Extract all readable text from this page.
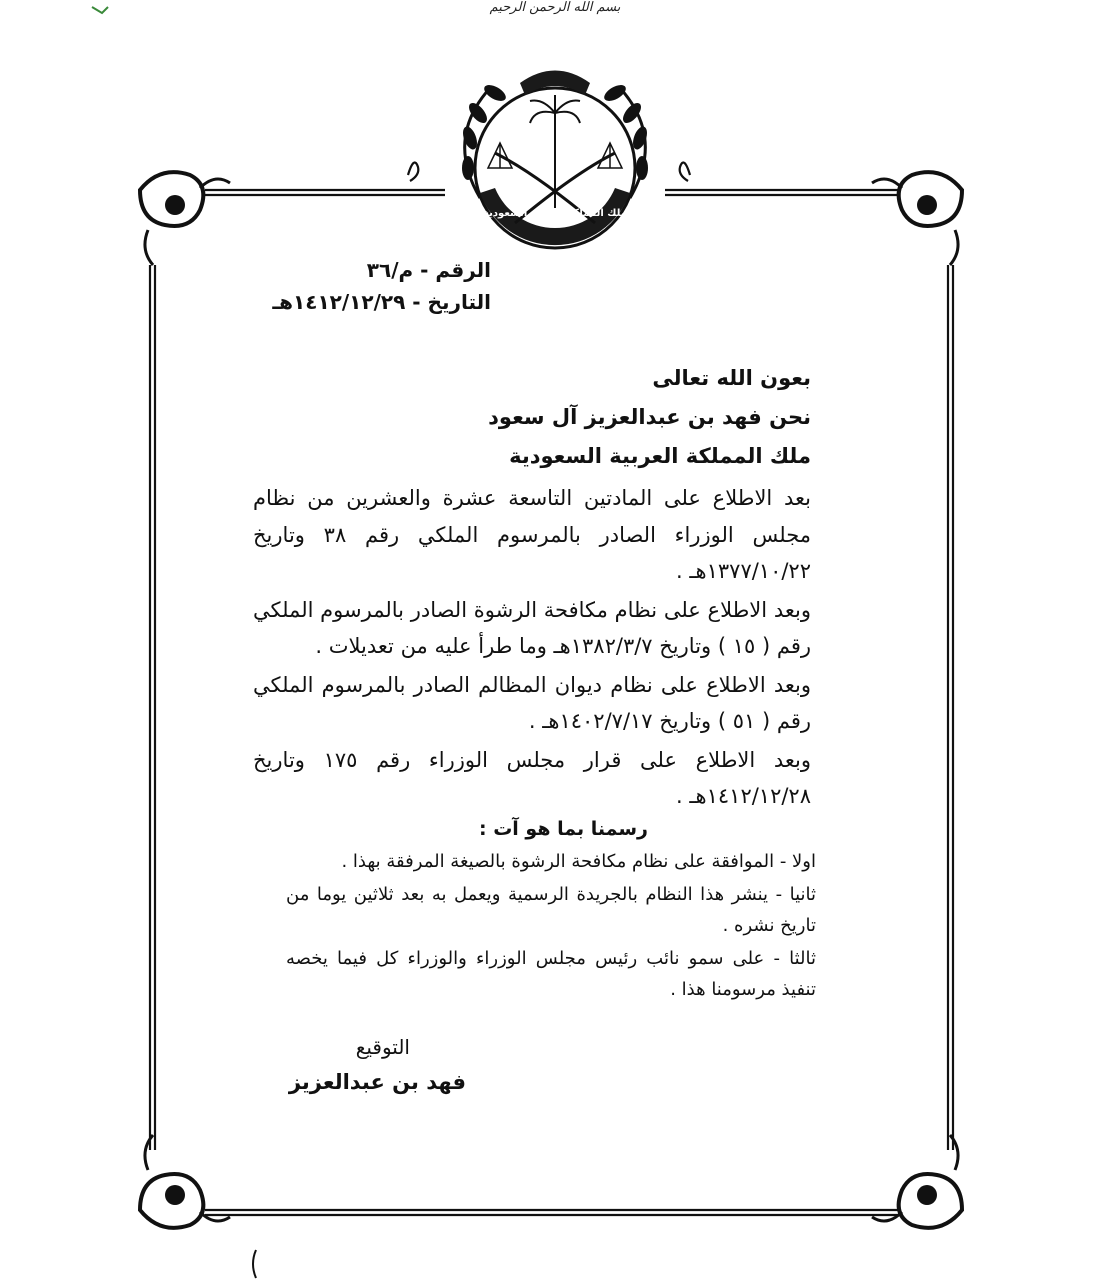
بسم الله الرحمن الرحيم
ملك المملكة العربية السعودية
الرقم - م/٣٦
التاريخ - ١٤١٢/١٢/٢٩هـ
بعون الله تعالى
نحن فهد بن عبدالعزيز آل سعود
ملك المملكة العربية السعودية

بعد الاطلاع على المادتين التاسعة عشرة والعشرين من نظام مجلس الوزراء الصادر بالمرسوم الملكي رقم ٣٨ وتاريخ ١٣٧٧/١٠/٢٢هـ .

وبعد الاطلاع على نظام مكافحة الرشوة الصادر بالمرسوم الملكي رقم ( ١٥ ) وتاريخ ١٣٨٢/٣/٧هـ وما طرأ عليه من تعديلات .

وبعد الاطلاع على نظام ديوان المظالم الصادر بالمرسوم الملكي رقم ( ٥١ ) وتاريخ ١٤٠٢/٧/١٧هـ .

وبعد الاطلاع على قرار مجلس الوزراء رقم ١٧٥ وتاريخ ١٤١٢/١٢/٢٨هـ .

رسمنا بما هو آت :

اولا - الموافقة على نظام مكافحة الرشوة بالصيغة المرفقة بهذا .

ثانيا - ينشر هذا النظام بالجريدة الرسمية ويعمل به بعد ثلاثين يوما من تاريخ نشره .

ثالثا - على سمو نائب رئيس مجلس الوزراء والوزراء كل فيما يخصه تنفيذ مرسومنا هذا .

التوقيع
فهد بن عبدالعزيز
